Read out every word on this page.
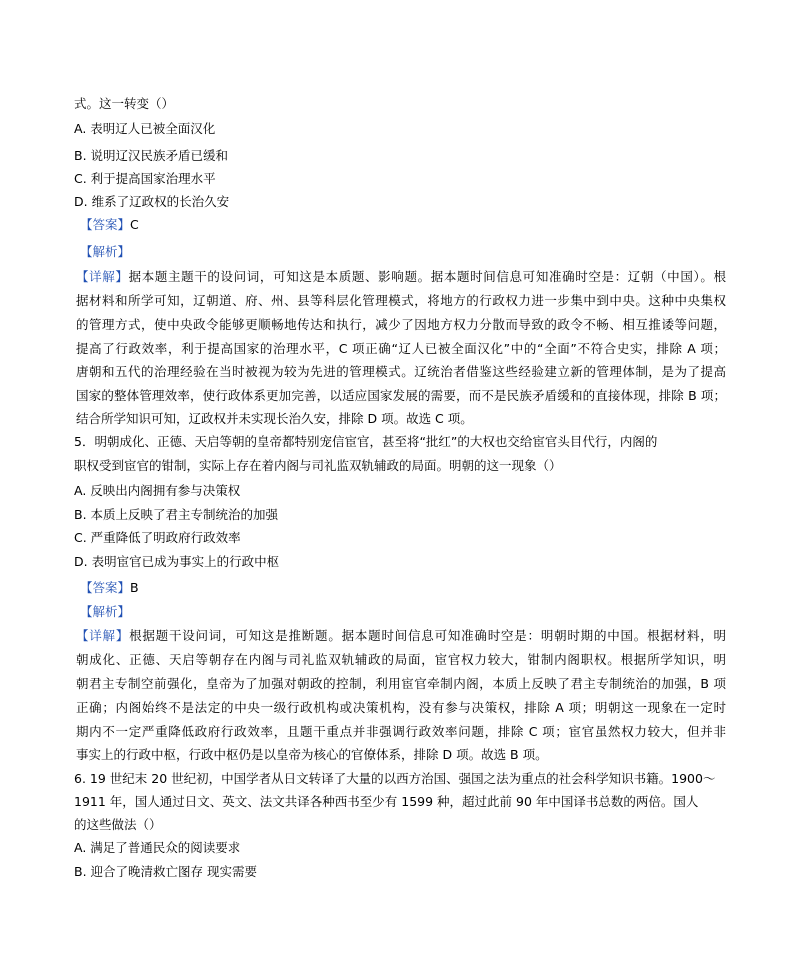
式。这一转变（）
A. 表明辽人已被全面汉化
B. 说明辽汉民族矛盾已缓和
C. 利于提高国家治理水平
D. 维系了辽政权的长治久安
【答案】C
【解析】
【详解】据本题主题干的设问词，可知这是本质题、影响题。据本题时间信息可知准确时空是：辽朝（中国）。根
据材料和所学可知，辽朝道、府、州、县等科层化管理模式，将地方的行政权力进一步集中到中央。这种中央集权
的管理方式，使中央政令能够更顺畅地传达和执行，减少了因地方权力分散而导致的政令不畅、相互推诿等问题，
提高了行政效率，利于提高国家的治理水平，C 项正确“辽人已被全面汉化”中的“全面”不符合史实，排除 A 项；
唐朝和五代的治理经验在当时被视为较为先进的管理模式。辽统治者借鉴这些经验建立新的管理体制，是为了提高
国家的整体管理效率，使行政体系更加完善，以适应国家发展的需要，而不是民族矛盾缓和的直接体现，排除 B 项；
结合所学知识可知，辽政权并未实现长治久安，排除 D 项。故选 C 项。
5．明朝成化、正德、天启等朝的皇帝都特别宠信宦官，甚至将“批红”的大权也交给宦官头目代行，内阁的
职权受到宦官的钳制，实际上存在着内阁与司礼监双轨辅政的局面。明朝的这一现象（）
A. 反映出内阁拥有参与决策权
B. 本质上反映了君主专制统治的加强
C. 严重降低了明政府行政效率
D. 表明宦官已成为事实上的行政中枢
【答案】B
【解析】
【详解】根据题干设问词，可知这是推断题。据本题时间信息可知准确时空是：明朝时期的中国。根据材料，明
朝成化、正德、天启等朝存在内阁与司礼监双轨辅政的局面，宦官权力较大，钳制内阁职权。根据所学知识，明
朝君主专制空前强化，皇帝为了加强对朝政的控制，利用宦官牵制内阁，本质上反映了君主专制统治的加强，B 项
正确；内阁始终不是法定的中央一级行政机构或决策机构，没有参与决策权，排除 A 项；明朝这一现象在一定时
期内不一定严重降低政府行政效率，且题干重点并非强调行政效率问题，排除 C 项；宦官虽然权力较大，但并非
事实上的行政中枢，行政中枢仍是以皇帝为核心的官僚体系，排除 D 项。故选 B 项。
6. 19 世纪末 20 世纪初，中国学者从日文转译了大量的以西方治国、强国之法为重点的社会科学知识书籍。1900～
1911 年，国人通过日文、英文、法文共译各种西书至少有 1599 种，超过此前 90 年中国译书总数的两倍。国人
的这些做法（）
A. 满足了普通民众的阅读要求
B. 迎合了晚清救亡图存 现实需要
